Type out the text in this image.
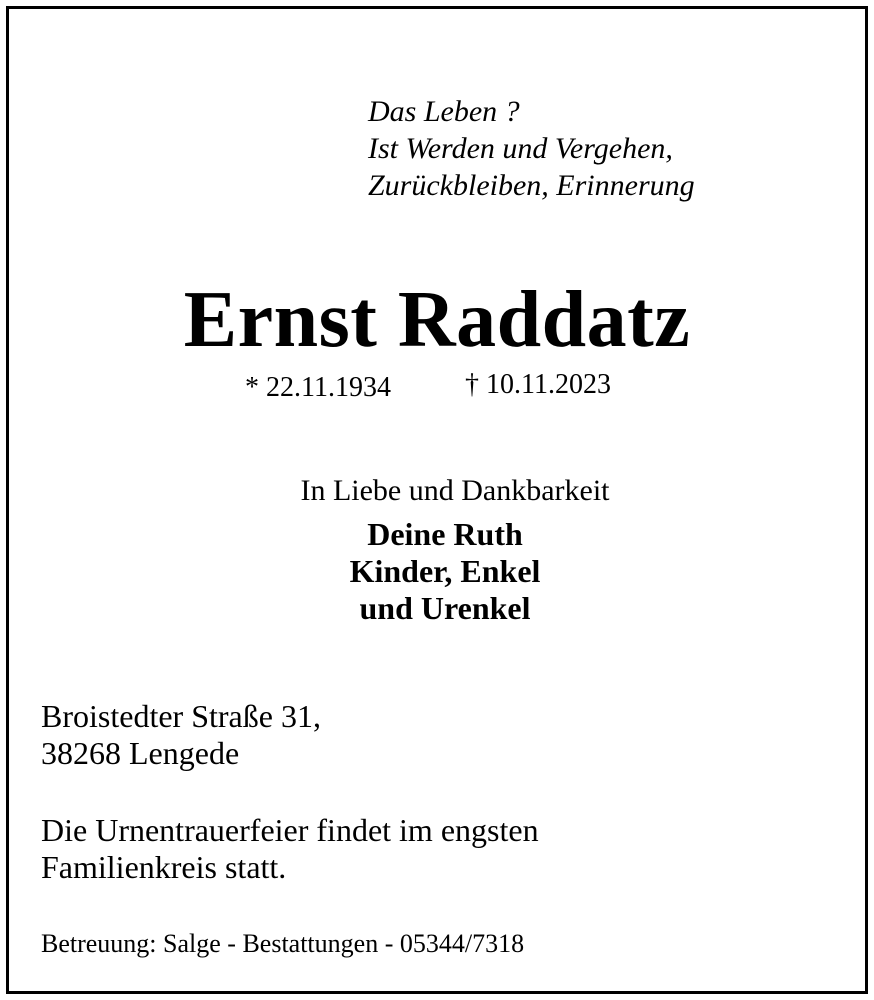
Das Leben ?
Ist Werden und Vergehen,
Zurückbleiben, Erinnerung
Ernst Raddatz
* 22.11.1934	† 10.11.2023
In Liebe und Dankbarkeit
Deine Ruth
Kinder, Enkel
und Urenkel
Broistedter Straße 31,
38268 Lengede
Die Urnentrauerfeier findet im engsten
Familienkreis statt.
Betreuung: Salge - Bestattungen - 05344/7318
